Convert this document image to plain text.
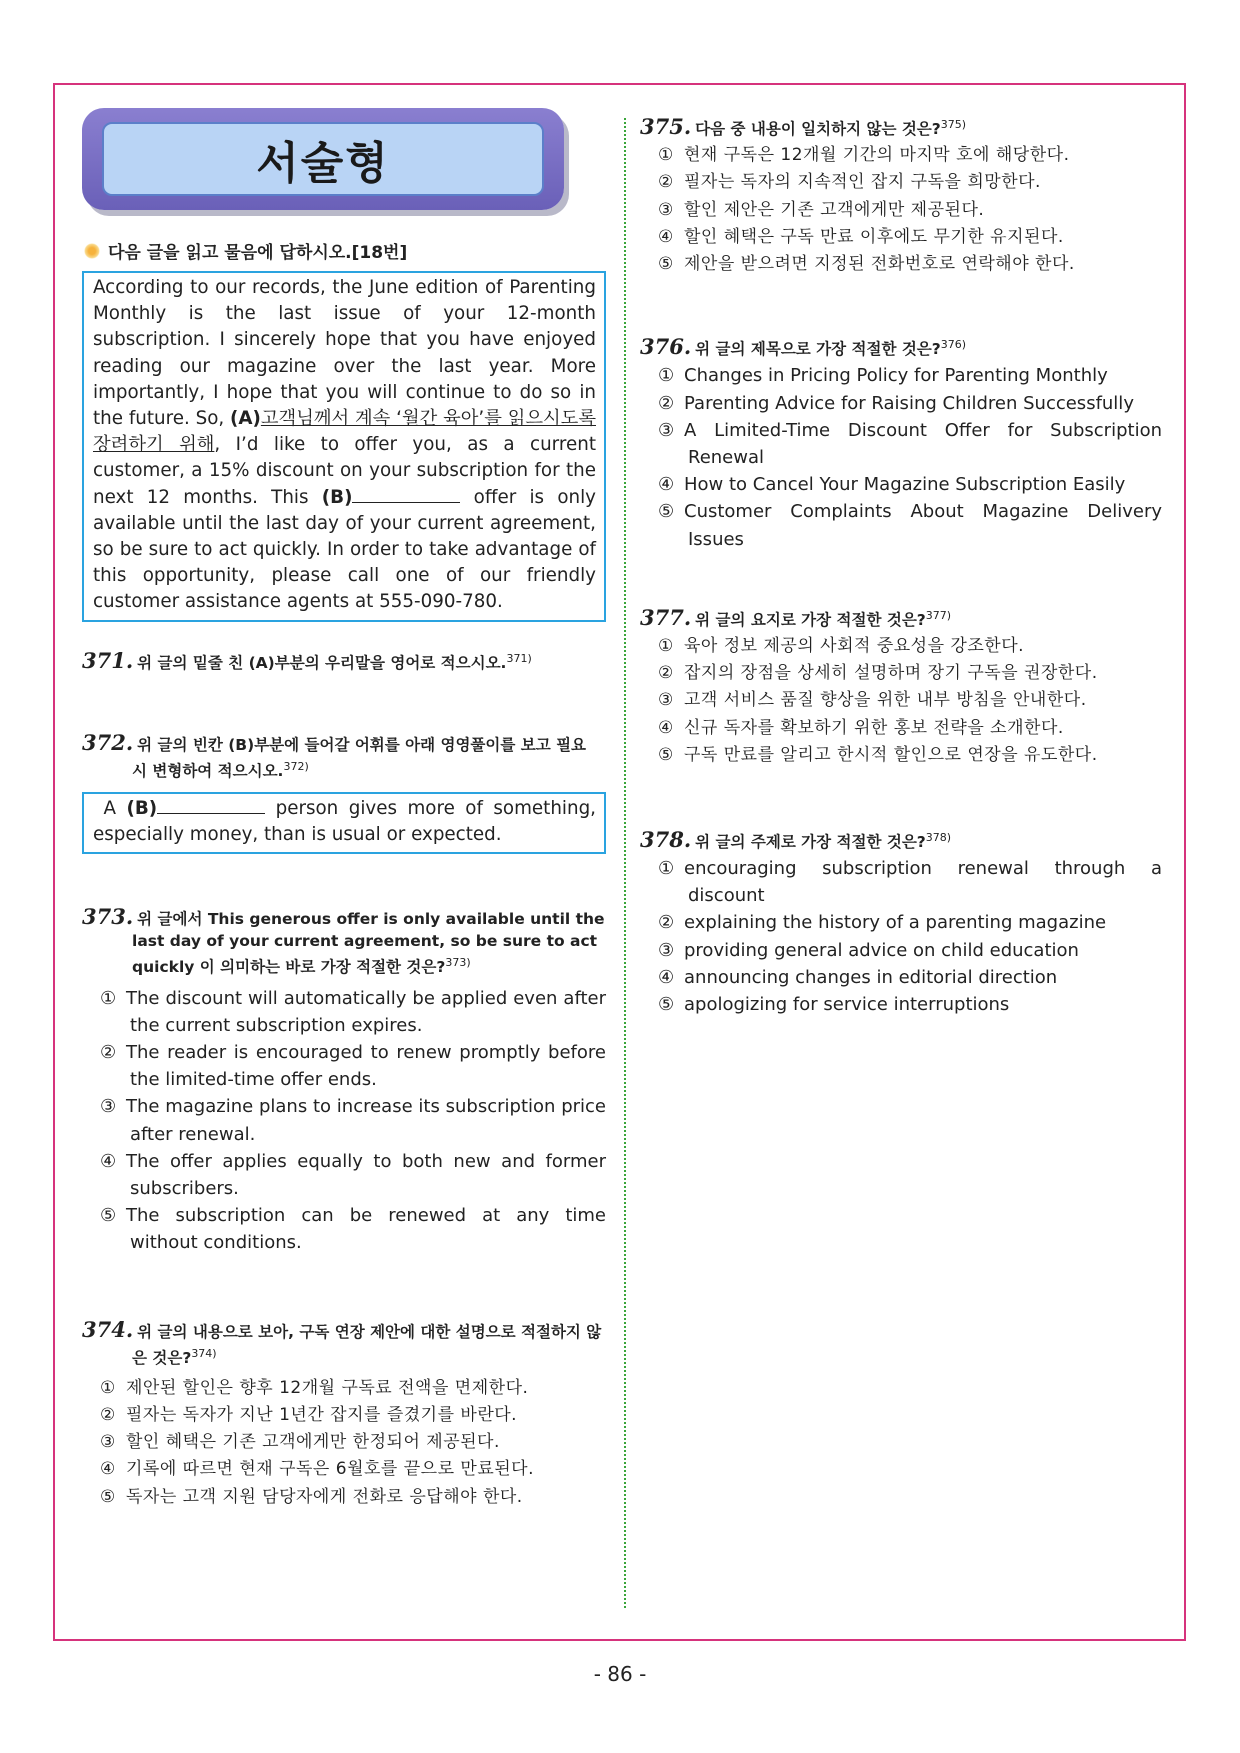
서술형
다음 글을 읽고 물음에 답하시오.[18번]
According to our records, the June edition of Parenting Monthly is the last issue of your 12-month subscription. I sincerely hope that you have enjoyed reading our magazine over the last year. More importantly, I hope that you will continue to do so in the future. So, (A)고객님께서 계속 ‘월간 육아’를 읽으시도록 장려하기 위해, I’d like to offer you, as a current customer, a 15% discount on your subscription for the next 12 months. This (B)	offer is only available until the last day of your current agreement, so be sure to act quickly. In order to take advantage of this opportunity, please call one of our friendly customer assistance agents at 555-090-780.
371. 위 글의 밑줄 친 (A)부분의 우리말을 영어로 적으시오.$^{371)}$
372. 위 글의 빈칸 (B)부분에 들어갈 어휘를 아래 영영풀이를 보고 필요 시 변형하여 적으시오.$^{372)}$
A (B)	person gives more of something, especially money, than is usual or expected.
373. 위 글에서 This generous offer is only available until the last day of your current agreement, so be sure to act quickly 이 의미하는 바로 가장 적절한 것은?$^{373)}$
① The discount will automatically be applied even after the current subscription expires.
② The reader is encouraged to renew promptly before the limited-time offer ends.
③ The magazine plans to increase its subscription price after renewal.
④ The offer applies equally to both new and former subscribers.
⑤ The subscription can be renewed at any time without conditions.
374. 위 글의 내용으로 보아, 구독 연장 제안에 대한 설명으로 적절하지 않은 것은?$^{374)}$
① 제안된 할인은 향후 12개월 구독료 전액을 면제한다.
② 필자는 독자가 지난 1년간 잡지를 즐겼기를 바란다.
③ 할인 혜택은 기존 고객에게만 한정되어 제공된다.
④ 기록에 따르면 현재 구독은 6월호를 끝으로 만료된다.
⑤ 독자는 고객 지원 담당자에게 전화로 응답해야 한다.
375. 다음 중 내용이 일치하지 않는 것은?$^{375)}$
① 현재 구독은 12개월 기간의 마지막 호에 해당한다.
② 필자는 독자의 지속적인 잡지 구독을 희망한다.
③ 할인 제안은 기존 고객에게만 제공된다.
④ 할인 혜택은 구독 만료 이후에도 무기한 유지된다.
⑤ 제안을 받으려면 지정된 전화번호로 연락해야 한다.
376. 위 글의 제목으로 가장 적절한 것은?$^{376)}$
① Changes in Pricing Policy for Parenting Monthly
② Parenting Advice for Raising Children Successfully
③ A Limited-Time Discount Offer for Subscription Renewal
④ How to Cancel Your Magazine Subscription Easily
⑤ Customer Complaints About Magazine Delivery Issues
377. 위 글의 요지로 가장 적절한 것은?$^{377)}$
① 육아 정보 제공의 사회적 중요성을 강조한다.
② 잡지의 장점을 상세히 설명하며 장기 구독을 권장한다.
③ 고객 서비스 품질 향상을 위한 내부 방침을 안내한다.
④ 신규 독자를 확보하기 위한 홍보 전략을 소개한다.
⑤ 구독 만료를 알리고 한시적 할인으로 연장을 유도한다.
378. 위 글의 주제로 가장 적절한 것은?$^{378)}$
① encouraging subscription renewal through a discount
② explaining the history of a parenting magazine
③ providing general advice on child education
④ announcing changes in editorial direction
⑤ apologizing for service interruptions
- 86 -
